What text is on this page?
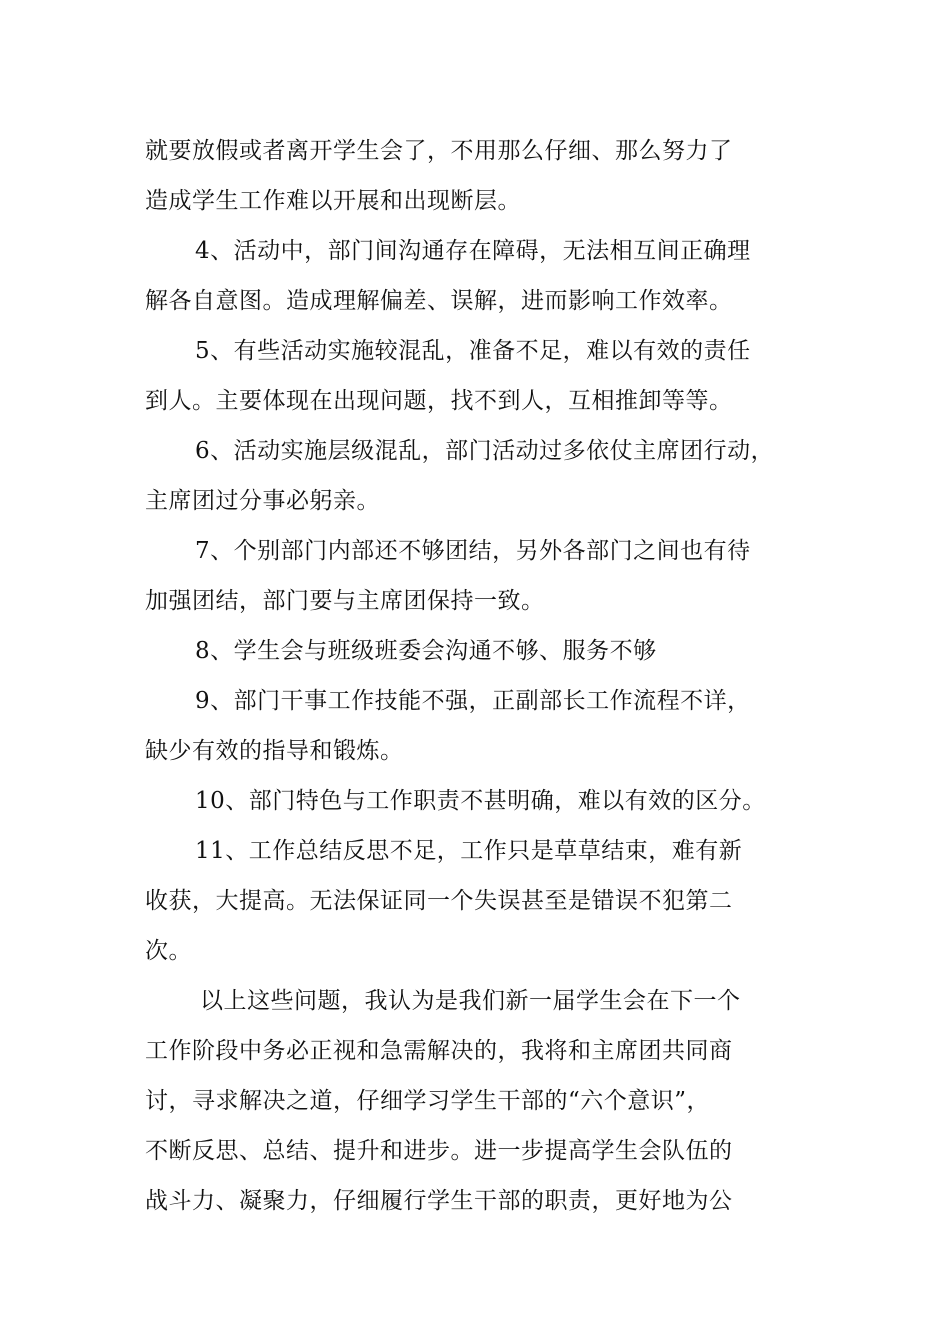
就要放假或者离开学生会了，不用那么仔细、那么努力了
造成学生工作难以开展和出现断层。
4、活动中，部门间沟通存在障碍，无法相互间正确理
解各自意图。造成理解偏差、误解，进而影响工作效率。
5、有些活动实施较混乱，准备不足，难以有效的责任
到人。主要体现在出现问题，找不到人，互相推卸等等。
6、活动实施层级混乱，部门活动过多依仗主席团行动，
主席团过分事必躬亲。
7、个别部门内部还不够团结，另外各部门之间也有待
加强团结，部门要与主席团保持一致。
8、学生会与班级班委会沟通不够、服务不够
9、部门干事工作技能不强，正副部长工作流程不详，
缺少有效的指导和锻炼。
10、部门特色与工作职责不甚明确，难以有效的区分。
11、工作总结反思不足，工作只是草草结束，难有新
收获，大提高。无法保证同一个失误甚至是错误不犯第二
次。
以上这些问题，我认为是我们新一届学生会在下一个
工作阶段中务必正视和急需解决的，我将和主席团共同商
讨，寻求解决之道，仔细学习学生干部的“六个意识”，
不断反思、总结、提升和进步。进一步提高学生会队伍的
战斗力、凝聚力，仔细履行学生干部的职责，更好地为公
